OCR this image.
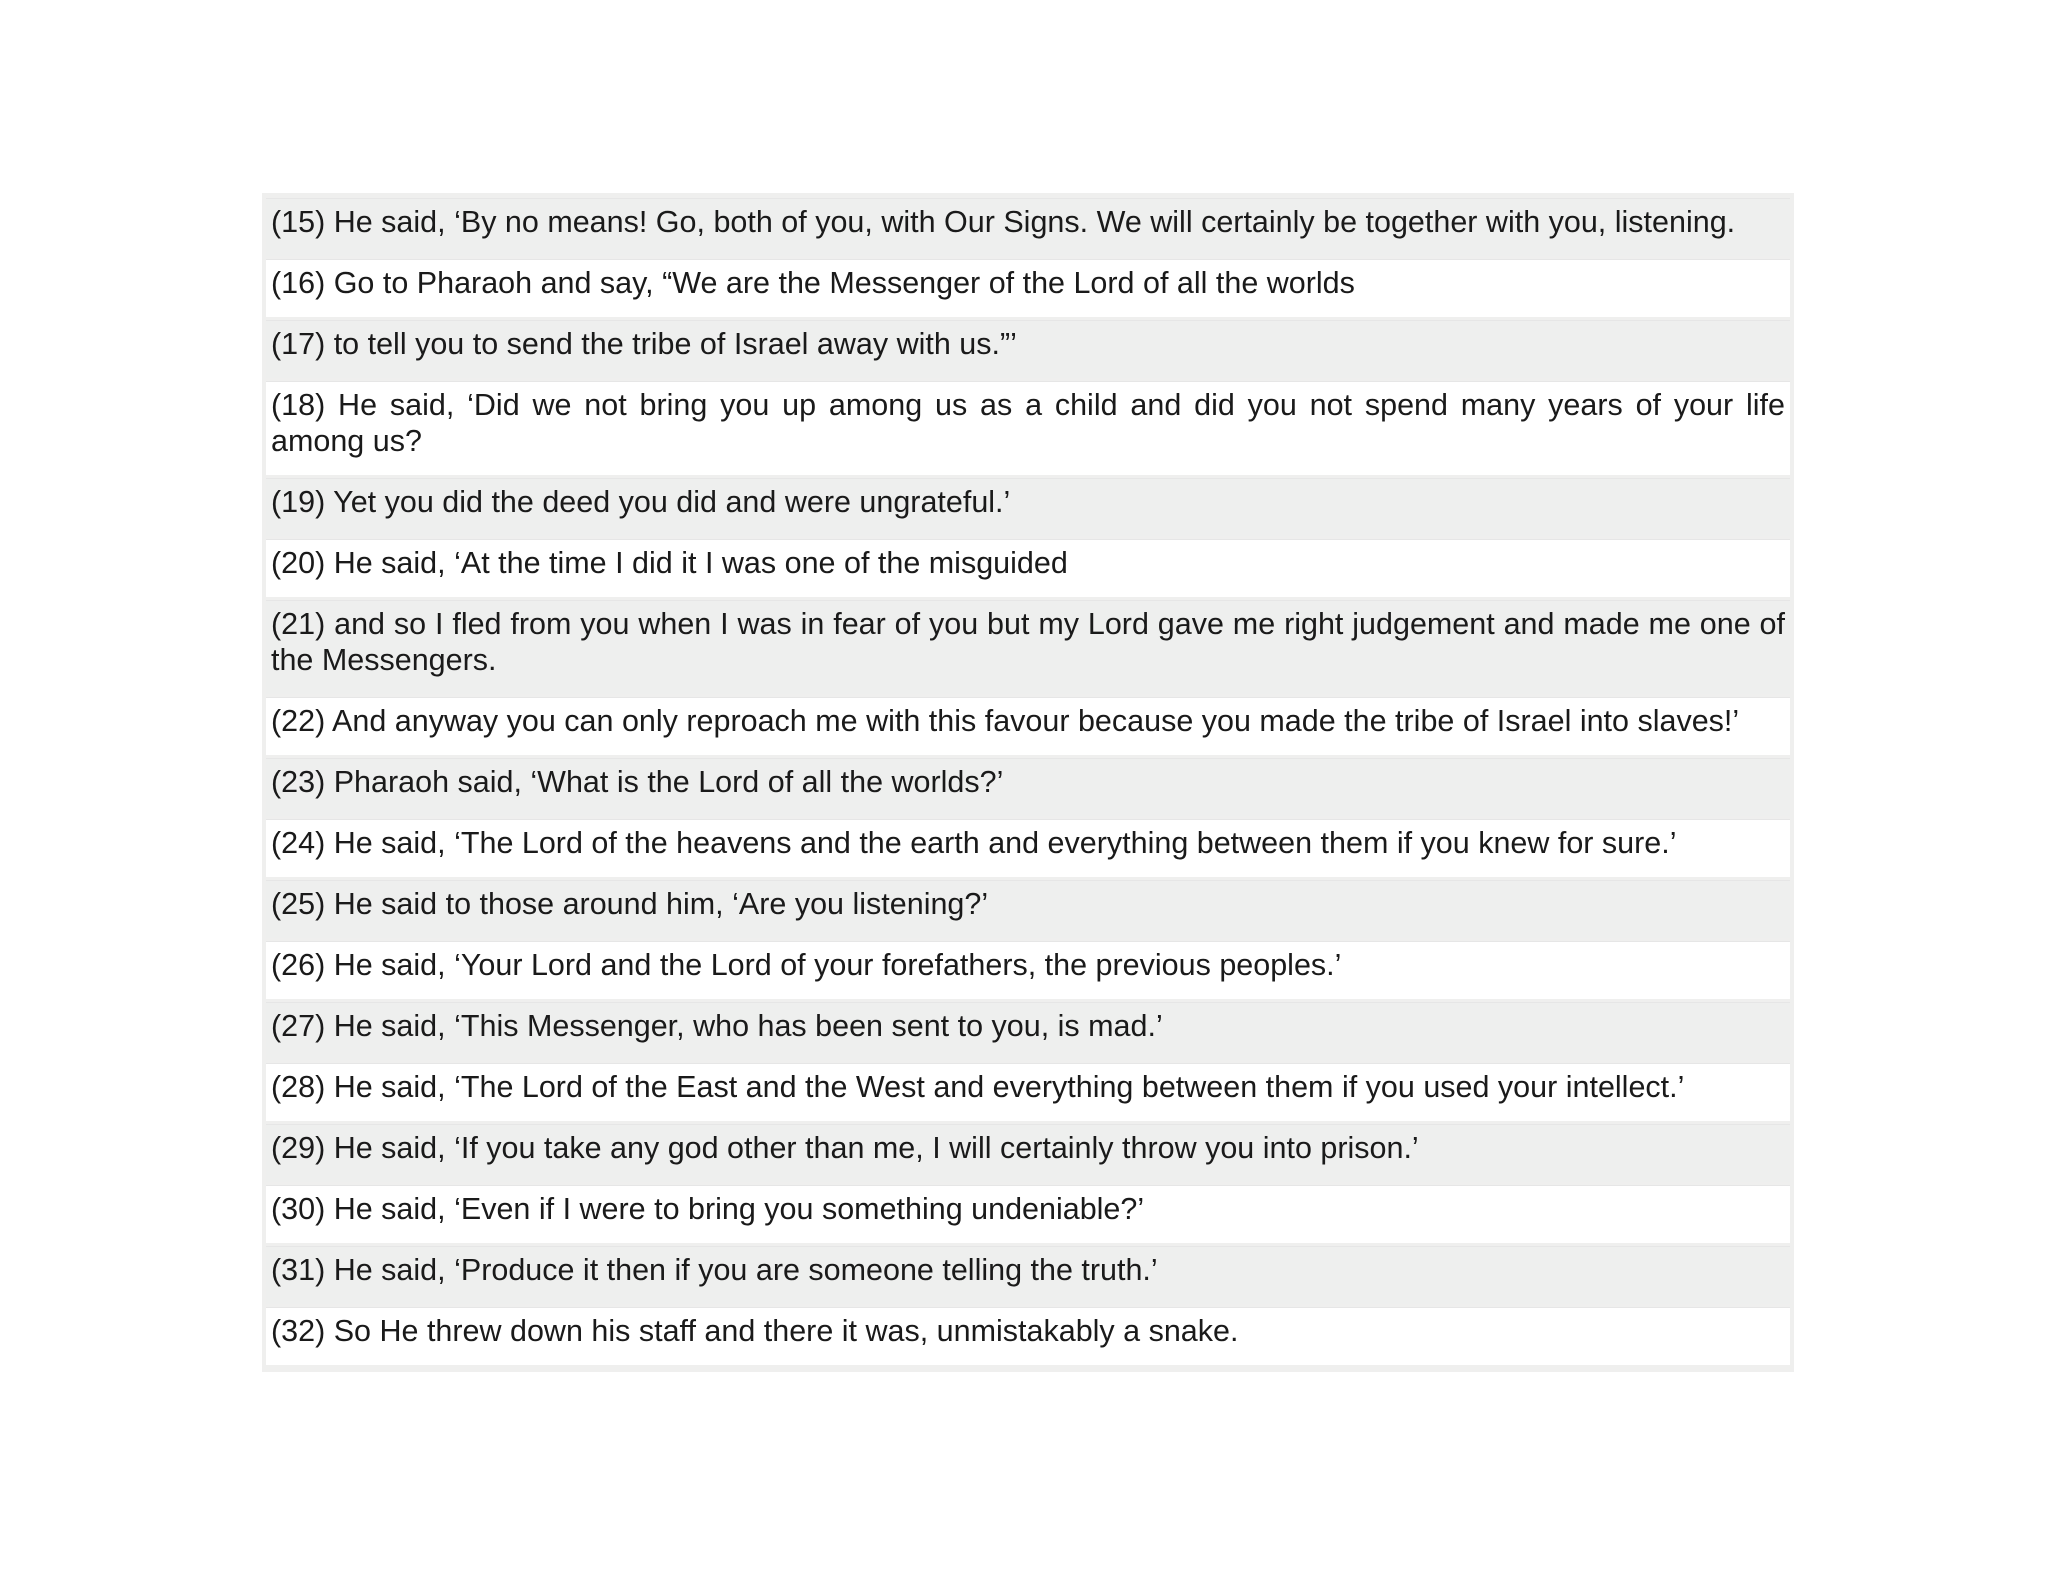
(15) He said, ‘By no means! Go, both of you, with Our Signs. We will certainly be together with you, listening.
(16) Go to Pharaoh and say, “We are the Messenger of the Lord of all the worlds
(17) to tell you to send the tribe of Israel away with us.”’
(18) He said, ‘Did we not bring you up among us as a child and did you not spend many years of your life among us?
(19) Yet you did the deed you did and were ungrateful.’
(20) He said, ‘At the time I did it I was one of the misguided
(21) and so I fled from you when I was in fear of you but my Lord gave me right judgement and made me one of the Messengers.
(22) And anyway you can only reproach me with this favour because you made the tribe of Israel into slaves!’
(23) Pharaoh said, ‘What is the Lord of all the worlds?’
(24) He said, ‘The Lord of the heavens and the earth and everything between them if you knew for sure.’
(25) He said to those around him, ‘Are you listening?’
(26) He said, ‘Your Lord and the Lord of your forefathers, the previous peoples.’
(27) He said, ‘This Messenger, who has been sent to you, is mad.’
(28) He said, ‘The Lord of the East and the West and everything between them if you used your intellect.’
(29) He said, ‘If you take any god other than me, I will certainly throw you into prison.’
(30) He said, ‘Even if I were to bring you something undeniable?’
(31) He said, ‘Produce it then if you are someone telling the truth.’
(32) So He threw down his staff and there it was, unmistakably a snake.
